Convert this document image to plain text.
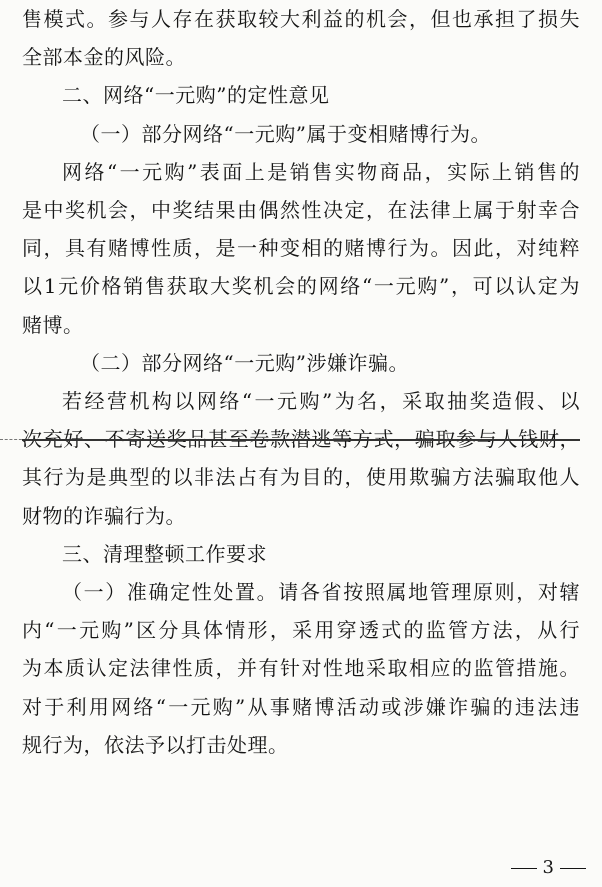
售模式。参与人存在获取较大利益的机会，但也承担了损失
全部本金的风险。
二、网络“一元购”的定性意见
（一）部分网络“一元购”属于变相赌博行为。
网络“一元购”表面上是销售实物商品，实际上销售的
是中奖机会，中奖结果由偶然性决定，在法律上属于射幸合
同，具有赌博性质，是一种变相的赌博行为。因此，对纯粹
以1元价格销售获取大奖机会的网络“一元购”，可以认定为
赌博。
（二）部分网络“一元购”涉嫌诈骗。
若经营机构以网络“一元购”为名，采取抽奖造假、以
次充好、不寄送奖品甚至卷款潜逃等方式，骗取参与人钱财，
其行为是典型的以非法占有为目的，使用欺骗方法骗取他人
财物的诈骗行为。
三、清理整顿工作要求
（一）准确定性处置。请各省按照属地管理原则，对辖
内“一元购”区分具体情形，采用穿透式的监管方法，从行
为本质认定法律性质，并有针对性地采取相应的监管措施。
对于利用网络“一元购”从事赌博活动或涉嫌诈骗的违法违
规行为，依法予以打击处理。
3
